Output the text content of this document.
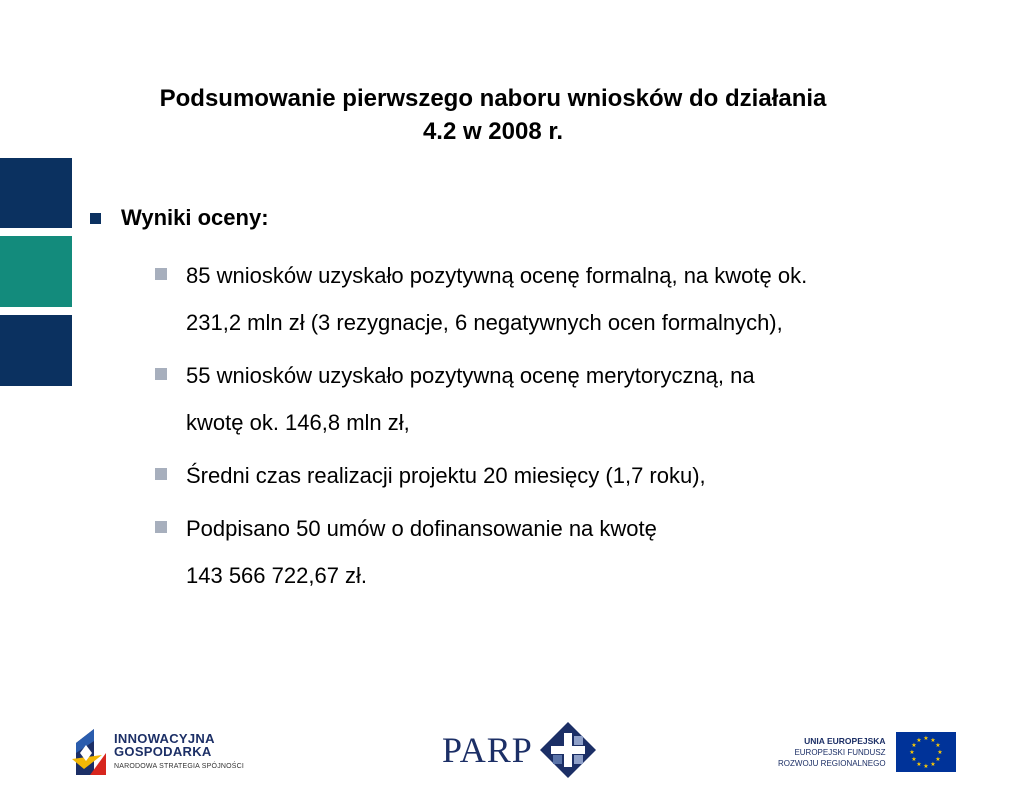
Podsumowanie pierwszego naboru wniosków do działania
4.2 w 2008 r.
Wyniki oceny:
85 wniosków uzyskało pozytywną ocenę formalną, na kwotę ok.
231,2 mln zł (3 rezygnacje, 6 negatywnych ocen formalnych),
55 wniosków uzyskało pozytywną ocenę merytoryczną, na
kwotę ok. 146,8 mln zł,
Średni czas realizacji projektu 20 miesięcy (1,7 roku),
Podpisano 50 umów o dofinansowanie na kwotę
143 566 722,67 zł.
INNOWACYJNA
GOSPODARKA
NARODOWA STRATEGIA SPÓJNOŚCI	PARP	UNIA EUROPEJSKA
EUROPEJSKI FUNDUSZ
ROZWOJU REGIONALNEGO
★ ★
★
★
★
★
★
★
★
★
★
★
